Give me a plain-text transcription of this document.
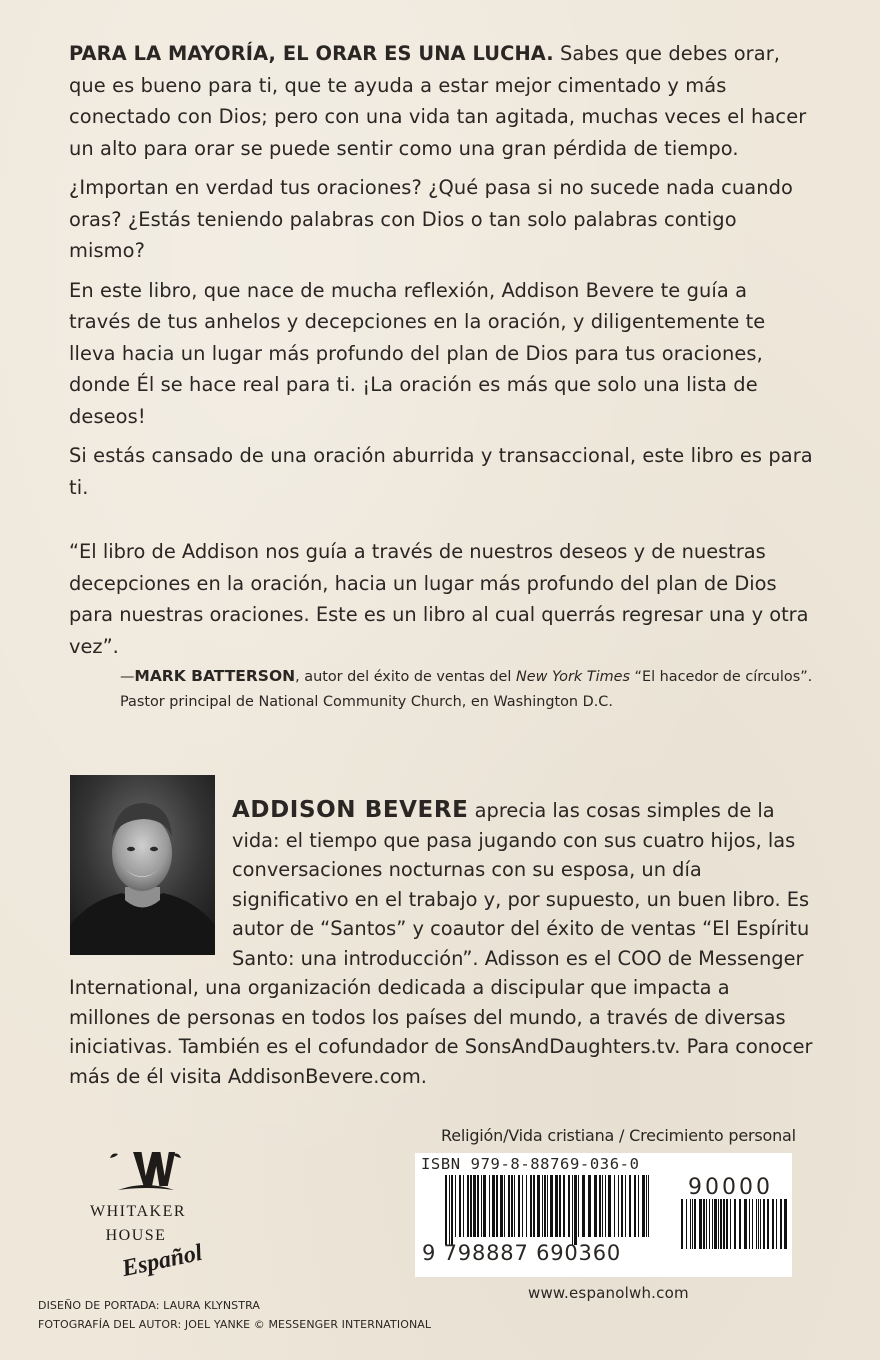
PARA LA MAYORÍA, EL ORAR ES UNA LUCHA. Sabes que debes orar, que es bueno para ti, que te ayuda a estar mejor cimentado y más conectado con Dios; pero con una vida tan agitada, muchas veces el hacer un alto para orar se puede sentir como una gran pérdida de tiempo.

¿Importan en verdad tus oraciones? ¿Qué pasa si no sucede nada cuando oras? ¿Estás teniendo palabras con Dios o tan solo palabras contigo mismo?

En este libro, que nace de mucha reflexión, Addison Bevere te guía a través de tus anhelos y decepciones en la oración, y diligentemente te lleva hacia un lugar más profundo del plan de Dios para tus oraciones, donde Él se hace real para ti. ¡La oración es más que solo una lista de deseos!

Si estás cansado de una oración aburrida y transaccional, este libro es para ti.

“El libro de Addison nos guía a través de nuestros deseos y de nuestras decepciones en la oración, hacia un lugar más profundo del plan de Dios para nuestras oraciones. Este es un libro al cual querrás regresar una y otra vez”.

—MARK BATTERSON, autor del éxito de ventas del New York Times “El hacedor de círculos”. Pastor principal de National Community Church, en Washington D.C.
ADDISON BEVERE aprecia las cosas simples de la vida: el tiempo que pasa jugando con sus cuatro hijos, las conversaciones nocturnas con su esposa, un día significativo en el trabajo y, por supuesto, un buen libro. Es autor de “Santos” y coautor del éxito de ventas “El Espíritu Santo: una introducción”. Adisson es el COO de Messenger International, una organización dedicada a discipular que impacta a millones de personas en todos los países del mundo, a través de diversas iniciativas. También es el cofundador de SonsAndDaughters.tv. Para conocer más de él visita AddisonBevere.com.
Religión/Vida cristiana / Crecimiento personal
ISBN 979-8-88769-036-0
90000
9 798887 690360
www.espanolwh.com
WHITAKER
HOUSE
Español
DISEÑO DE PORTADA: LAURA KLYNSTRA
FOTOGRAFÍA DEL AUTOR: JOEL YANKE © MESSENGER INTERNATIONAL
